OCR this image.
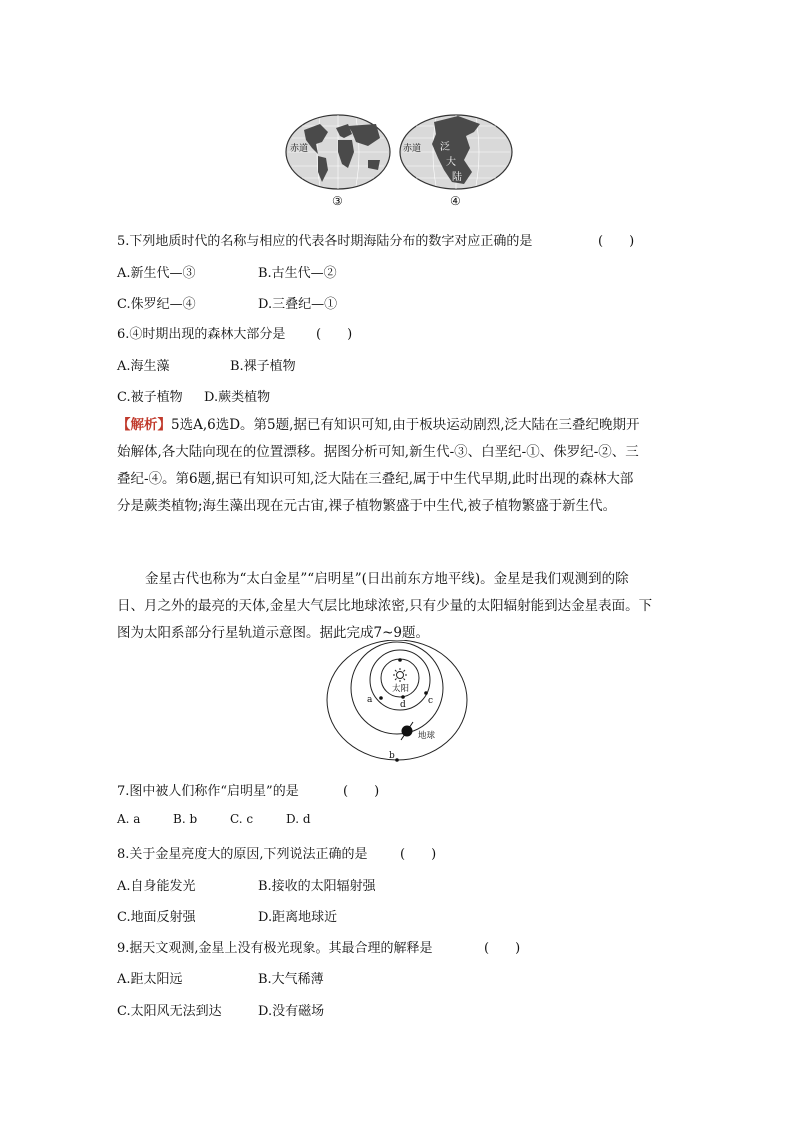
赤道
③
赤道 泛
大
陆
④
5.下列地质时代的名称与相应的代表各时期海陆分布的数字对应正确的是	(　　)
A.新生代—③	B.古生代—②
C.侏罗纪—④	D.三叠纪—①
6.④时期出现的森林大部分是 (　　)
A.海生藻	B.裸子植物
C.被子植物 D.蕨类植物
【解析】5选A,6选D。第5题,据已有知识可知,由于板块运动剧烈,泛大陆在三叠纪晚期开
始解体,各大陆向现在的位置漂移。据图分析可知,新生代-③、白垩纪-①、侏罗纪-②、三
叠纪-④。第6题,据已有知识可知,泛大陆在三叠纪,属于中生代早期,此时出现的森林大部
分是蕨类植物;海生藻出现在元古宙,裸子植物繁盛于中生代,被子植物繁盛于新生代。
金星古代也称为“太白金星”“启明星”(日出前东方地平线)。金星是我们观测到的除
日、月之外的最亮的天体,金星大气层比地球浓密,只有少量的太阳辐射能到达金星表面。下
图为太阳系部分行星轨道示意图。据此完成7~9题。
太阳
a	c
d
地球
b
7.图中被人们称作“启明星”的是	(　　)
A. a	B. b	C. c	D. d
8.关于金星亮度大的原因,下列说法正确的是 (　　)
A.自身能发光	B.接收的太阳辐射强
C.地面反射强	D.距离地球近
9.据天文观测,金星上没有极光现象。其最合理的解释是	(　　)
A.距太阳远	B.大气稀薄
C.太阳风无法到达	D.没有磁场
